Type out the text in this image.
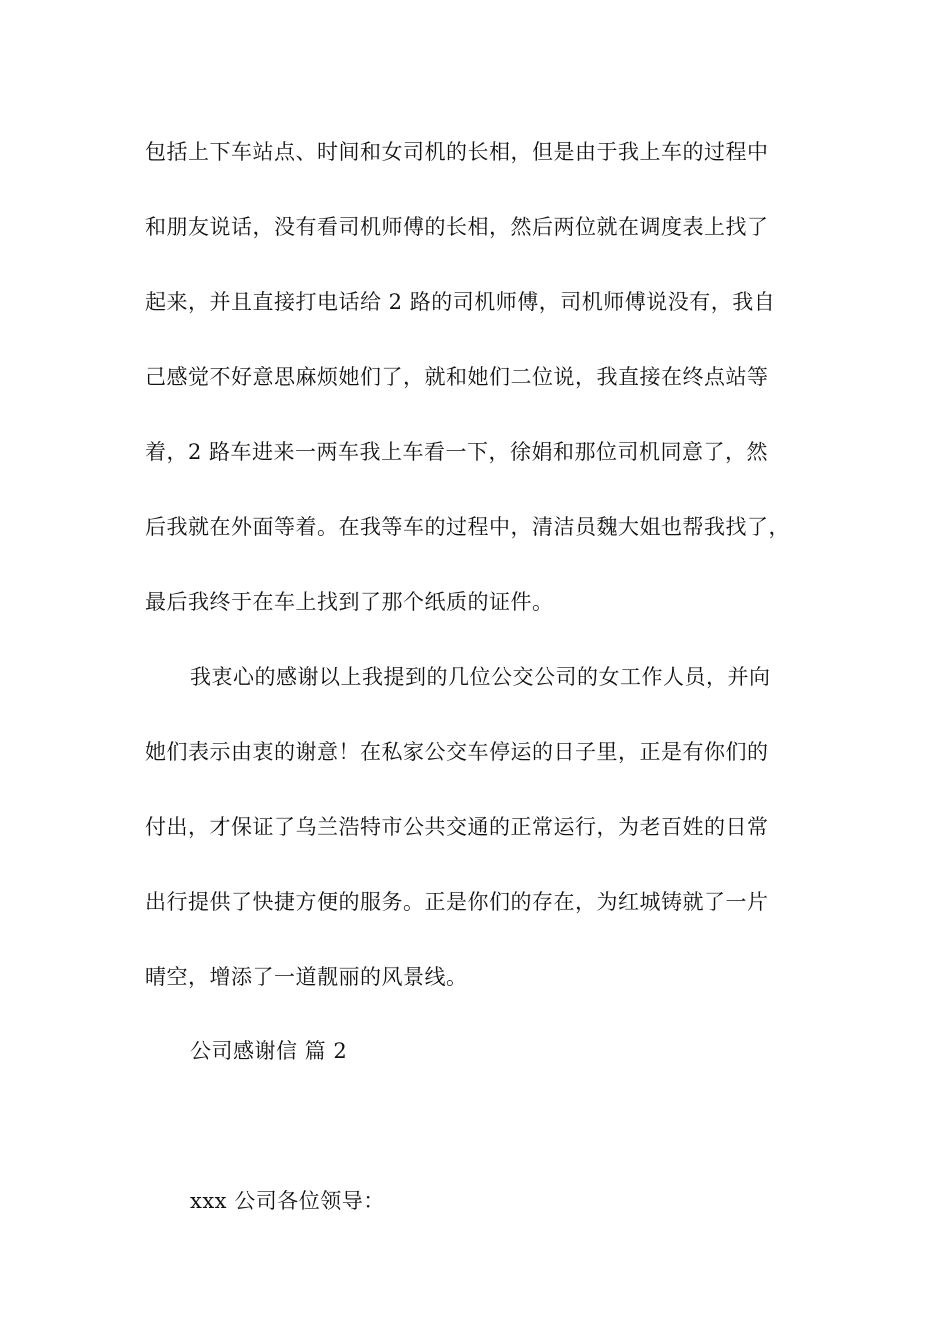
包括上下车站点、时间和女司机的长相，但是由于我上车的过程中
和朋友说话，没有看司机师傅的长相，然后两位就在调度表上找了
起来，并且直接打电话给 2 路的司机师傅，司机师傅说没有，我自
己感觉不好意思麻烦她们了，就和她们二位说，我直接在终点站等
着，2 路车进来一两车我上车看一下，徐娟和那位司机同意了，然
后我就在外面等着。在我等车的过程中，清洁员魏大姐也帮我找了，
最后我终于在车上找到了那个纸质的证件。
我衷心的感谢以上我提到的几位公交公司的女工作人员，并向
她们表示由衷的谢意！在私家公交车停运的日子里，正是有你们的
付出，才保证了乌兰浩特市公共交通的正常运行，为老百姓的日常
出行提供了快捷方便的服务。正是你们的存在，为红城铸就了一片
晴空，增添了一道靓丽的风景线。
公司感谢信 篇 2
xxx 公司各位领导：
